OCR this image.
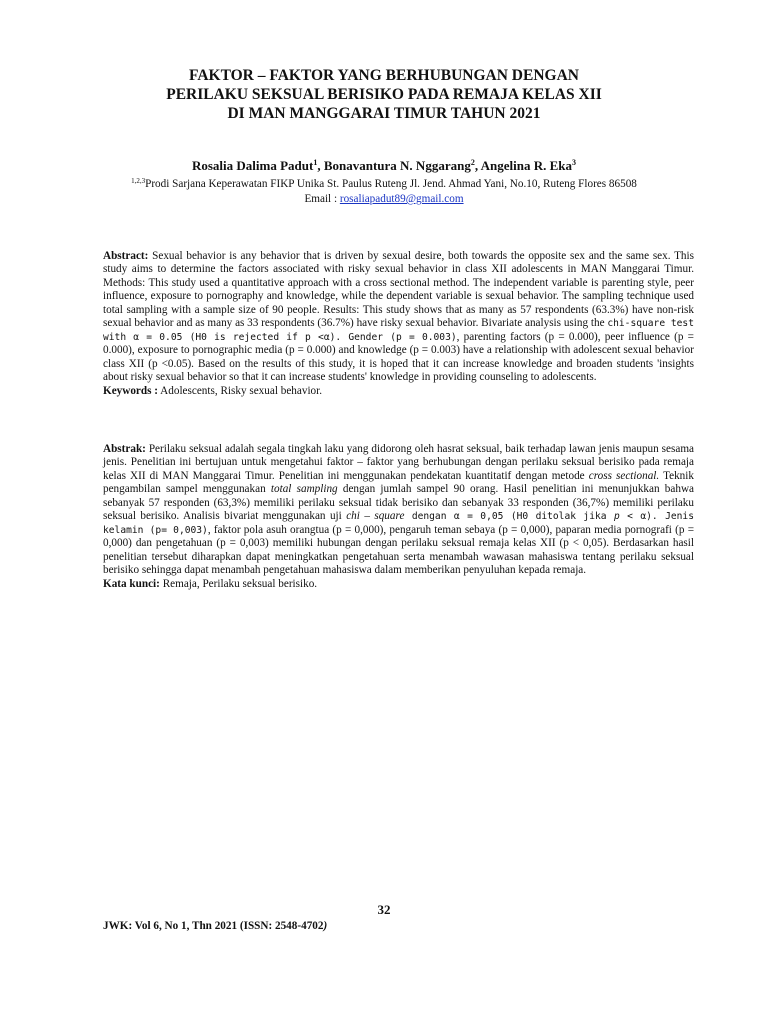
FAKTOR – FAKTOR YANG BERHUBUNGAN DENGAN
PERILAKU SEKSUAL BERISIKO PADA REMAJA KELAS XII
DI MAN MANGGARAI TIMUR TAHUN 2021
Rosalia Dalima Padut$^1$, Bonavantura N. Nggarang$^2$, Angelina R. Eka$^3$
$^{1,2,3}$Prodi Sarjana Keperawatan FIKP Unika St. Paulus Ruteng Jl. Jend. Ahmad Yani, No.10, Ruteng Flores 86508
Email : rosaliapadut89@gmail.com

Abstract: Sexual behavior is any behavior that is driven by sexual desire, both towards the opposite sex and the same sex. This study aims to determine the factors associated with risky sexual behavior in class XII adolescents in MAN Manggarai Timur. Methods: This study used a quantitative approach with a cross sectional method. The independent variable is parenting style, peer influence, exposure to pornography and knowledge, while the dependent variable is sexual behavior. The sampling technique used total sampling with a sample size of 90 people. Results: This study shows that as many as 57 respondents (63.3%) have non-risk sexual behavior and as many as 33 respondents (36.7%) have risky sexual behavior. Bivariate analysis using the chi-square test with α = 0.05 (H0 is rejected if p <α). Gender (p = 0.003), parenting factors (p = 0.000), peer influence (p = 0.000), exposure to pornographic media (p = 0.000) and knowledge (p = 0.003) have a relationship with adolescent sexual behavior class XII (p <0.05). Based on the results of this study, it is hoped that it can increase knowledge and broaden students 'insights about risky sexual behavior so that it can increase students' knowledge in providing counseling to adolescents.

Keywords : Adolescents, Risky sexual behavior.

Abstrak: Perilaku seksual adalah segala tingkah laku yang didorong oleh hasrat seksual, baik terhadap lawan jenis maupun sesama jenis. Penelitian ini bertujuan untuk mengetahui faktor – faktor yang berhubungan dengan perilaku seksual berisiko pada remaja kelas XII di MAN Manggarai Timur. Penelitian ini menggunakan pendekatan kuantitatif dengan metode cross sectional. Teknik pengambilan sampel menggunakan total sampling dengan jumlah sampel 90 orang. Hasil penelitian ini menunjukkan bahwa sebanyak 57 responden (63,3%) memiliki perilaku seksual tidak berisiko dan sebanyak 33 responden (36,7%) memiliki perilaku seksual berisiko. Analisis bivariat menggunakan uji chi – square dengan α = 0,05 (H0 ditolak jika p < α). Jenis kelamin (p= 0,003), faktor pola asuh orangtua (p = 0,000), pengaruh teman sebaya (p = 0,000), paparan media pornografi (p = 0,000) dan pengetahuan (p = 0,003) memiliki hubungan dengan perilaku seksual remaja kelas XII (p < 0,05). Berdasarkan hasil penelitian tersebut diharapkan dapat meningkatkan pengetahuan serta menambah wawasan mahasiswa tentang perilaku seksual berisiko sehingga dapat menambah pengetahuan mahasiswa dalam memberikan penyuluhan kepada remaja.

Kata kunci: Remaja, Perilaku seksual berisiko.

32
JWK: Vol 6, No 1, Thn 2021 (ISSN: 2548-4702)
